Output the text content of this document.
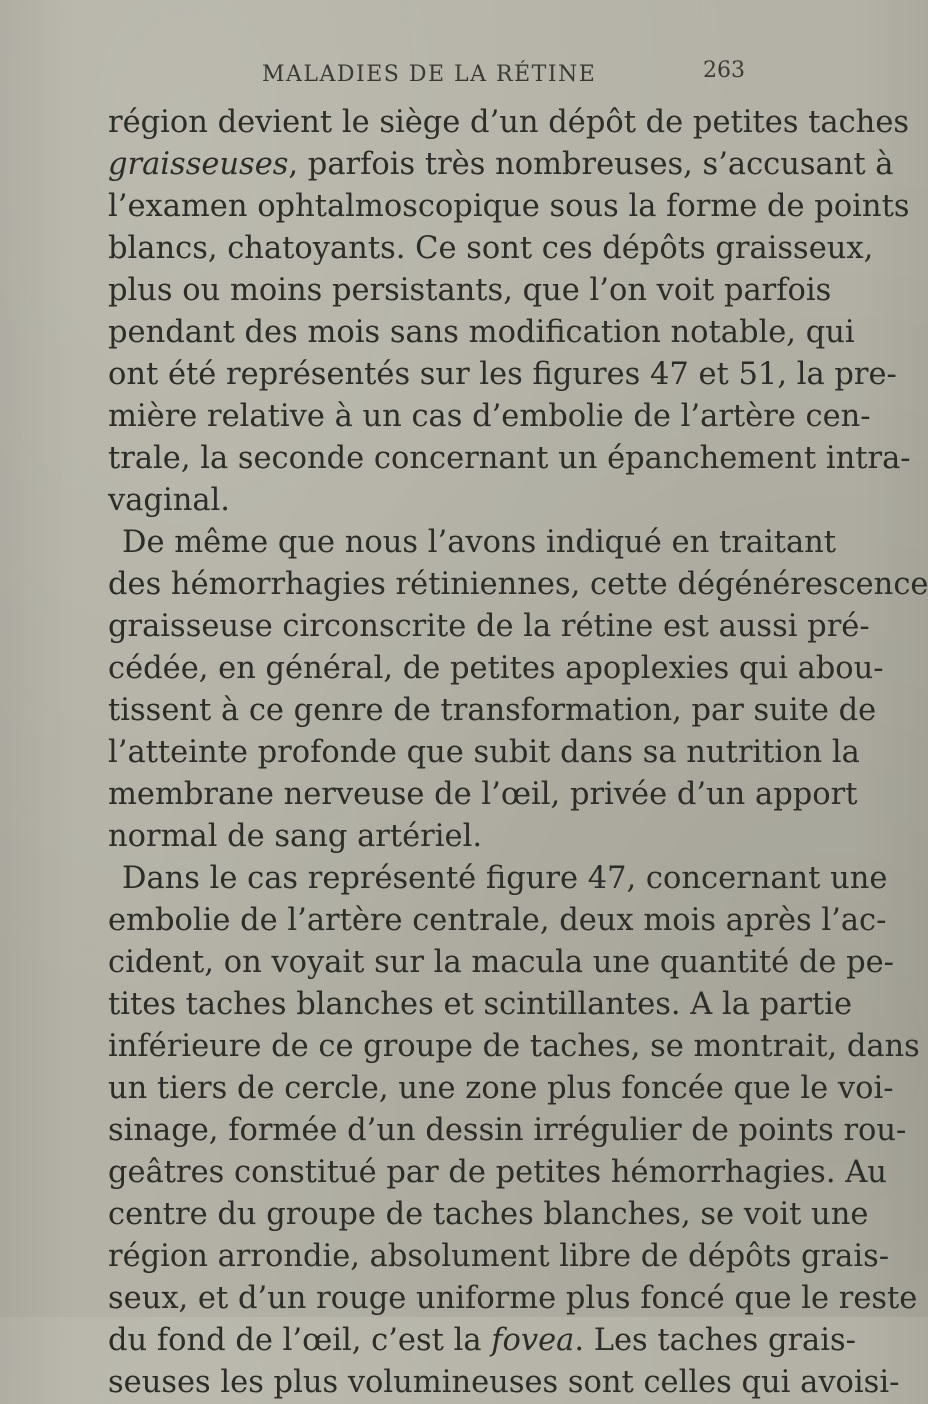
MALADIES DE LA RÉTINE	263
région devient le siège d’un dépôt de petites taches
graisseuses, parfois très nombreuses, s’accusant à
l’examen ophtalmoscopique sous la forme de points
blancs, chatoyants. Ce sont ces dépôts graisseux,
plus ou moins persistants, que l’on voit parfois
pendant des mois sans modification notable, qui
ont été représentés sur les figures 47 et 51, la pre-
mière relative à un cas d’embolie de l’artère cen-
trale, la seconde concernant un épanchement intra-
vaginal.
De même que nous l’avons indiqué en traitant
des hémorrhagies rétiniennes, cette dégénérescence
graisseuse circonscrite de la rétine est aussi pré-
cédée, en général, de petites apoplexies qui abou-
tissent à ce genre de transformation, par suite de
l’atteinte profonde que subit dans sa nutrition la
membrane nerveuse de l’œil, privée d’un apport
normal de sang artériel.
Dans le cas représenté figure 47, concernant une
embolie de l’artère centrale, deux mois après l’ac-
cident, on voyait sur la macula une quantité de pe-
tites taches blanches et scintillantes. A la partie
inférieure de ce groupe de taches, se montrait, dans
un tiers de cercle, une zone plus foncée que le voi-
sinage, formée d’un dessin irrégulier de points rou-
geâtres constitué par de petites hémorrhagies. Au
centre du groupe de taches blanches, se voit une
région arrondie, absolument libre de dépôts grais-
seux, et d’un rouge uniforme plus foncé que le reste
du fond de l’œil, c’est la fovea. Les taches grais-
seuses les plus volumineuses sont celles qui avoisi-
